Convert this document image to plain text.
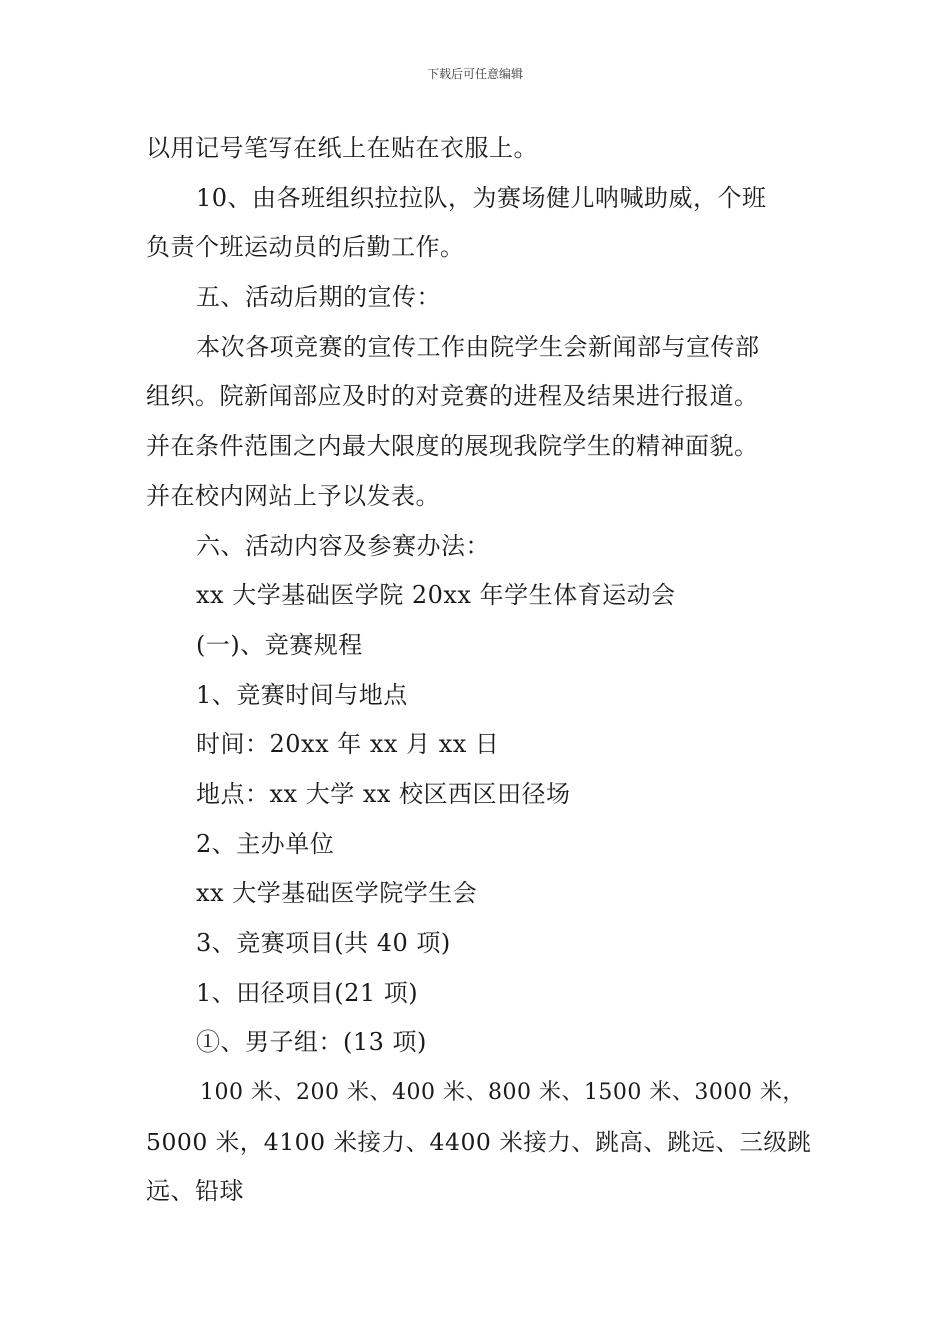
下载后可任意编辑
以用记号笔写在纸上在贴在衣服上。
10、由各班组织拉拉队，为赛场健儿呐喊助威，个班
负责个班运动员的后勤工作。
五、活动后期的宣传：
本次各项竞赛的宣传工作由院学生会新闻部与宣传部
组织。院新闻部应及时的对竞赛的进程及结果进行报道。
并在条件范围之内最大限度的展现我院学生的精神面貌。
并在校内网站上予以发表。
六、活动内容及参赛办法：
xx 大学基础医学院 20xx 年学生体育运动会
(一)、竞赛规程
1、竞赛时间与地点
时间：20xx 年 xx 月 xx 日
地点：xx 大学 xx 校区西区田径场
2、主办单位
xx 大学基础医学院学生会
3、竞赛项目(共 40 项)
1、田径项目(21 项)
①、男子组：(13 项)
100 米、200 米、400 米、800 米、1500 米、3000 米，
5000 米，4100 米接力、4400 米接力、跳高、跳远、三级跳
远、铅球
